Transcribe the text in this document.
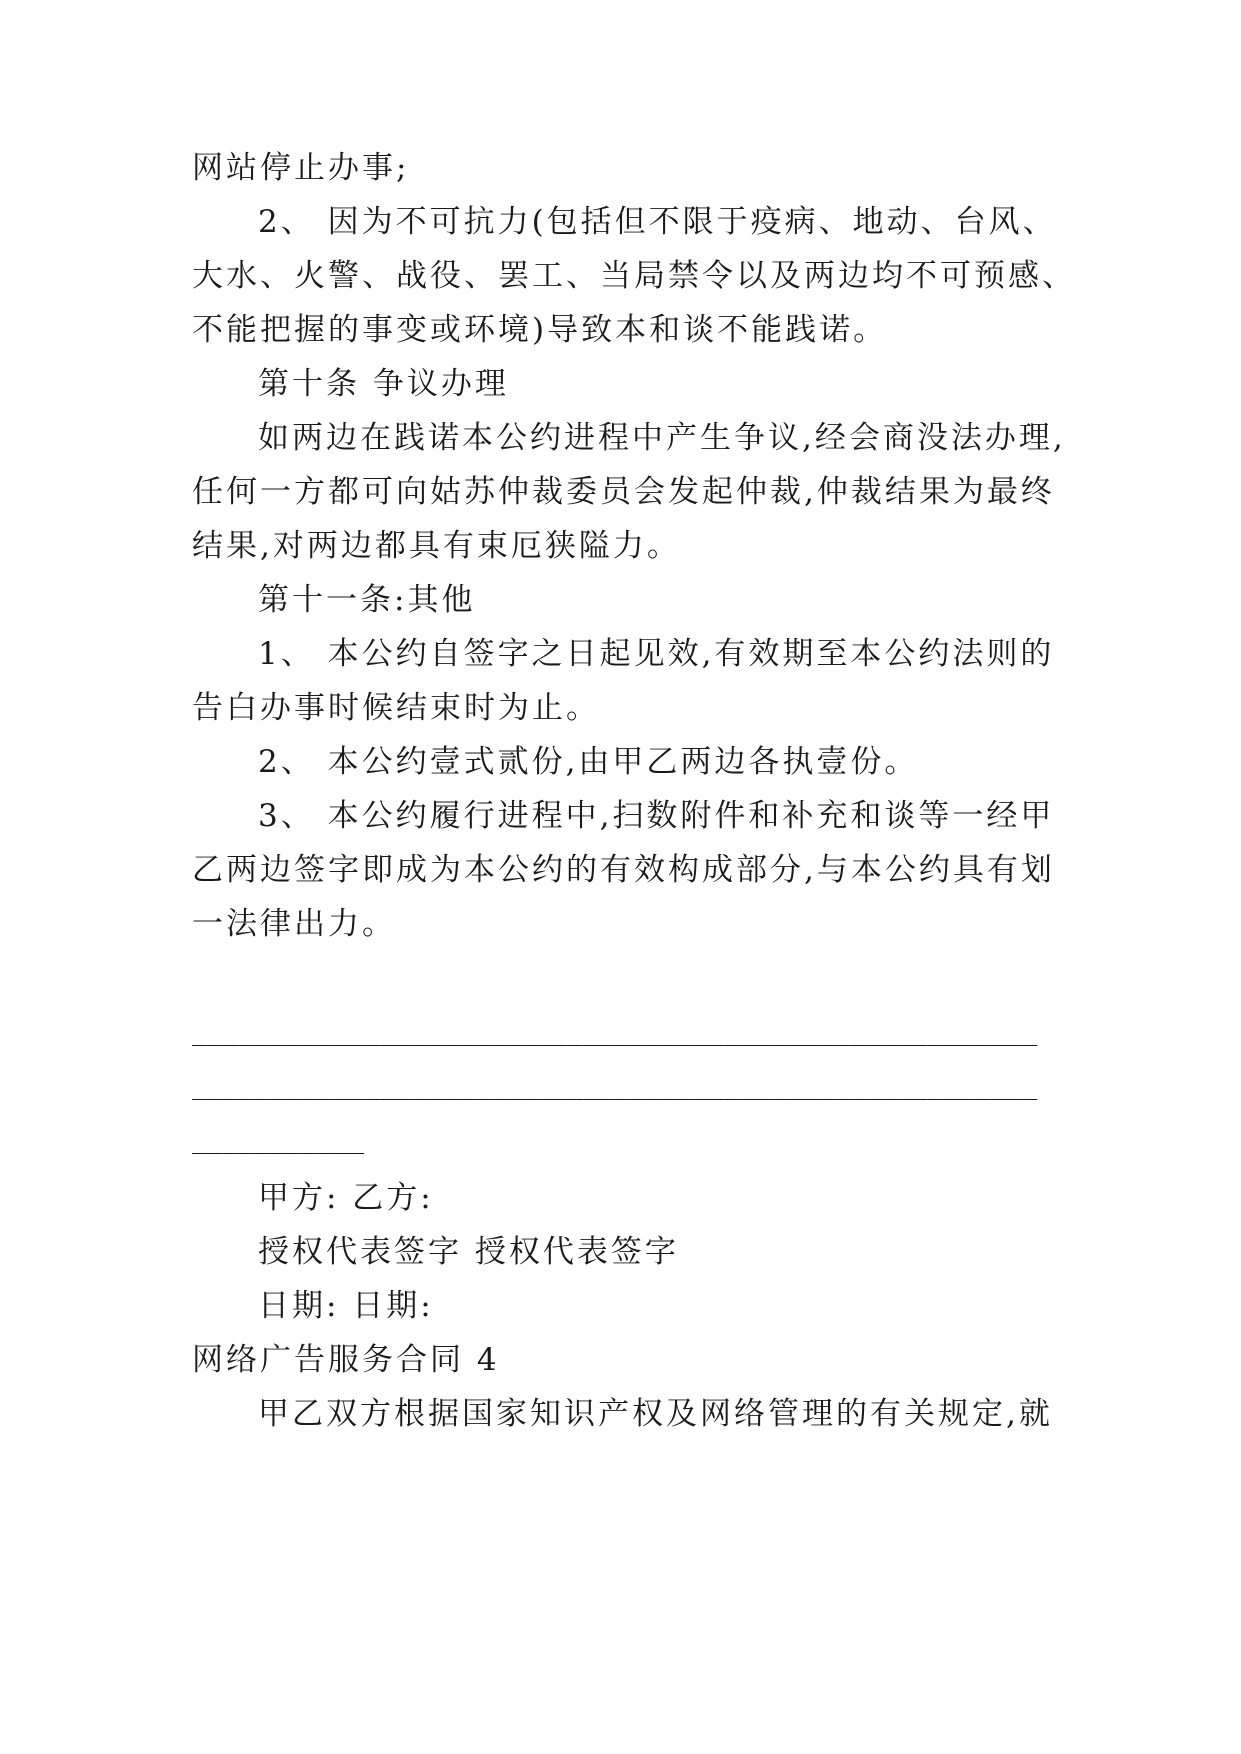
网站停止办事;
2、 因为不可抗力(包括但不限于疫病、地动、台风、
大水、火警、战役、罢工、当局禁令以及两边均不可预感、
不能把握的事变或环境)导致本和谈不能践诺。
第十条 争议办理
如两边在践诺本公约进程中产生争议,经会商没法办理,
任何一方都可向姑苏仲裁委员会发起仲裁,仲裁结果为最终
结果,对两边都具有束厄狭隘力。
第十一条:其他
1、 本公约自签字之日起见效,有效期至本公约法则的
告白办事时候结束时为止。
2、 本公约壹式贰份,由甲乙两边各执壹份。
3、 本公约履行进程中,扫数附件和补充和谈等一经甲
乙两边签字即成为本公约的有效构成部分,与本公约具有划
一法律出力。
______________________________________________________
______________________________________________________
___________
甲方: 乙方:
授权代表签字 授权代表签字
日期: 日期:
网络广告服务合同 4
甲乙双方根据国家知识产权及网络管理的有关规定,就
